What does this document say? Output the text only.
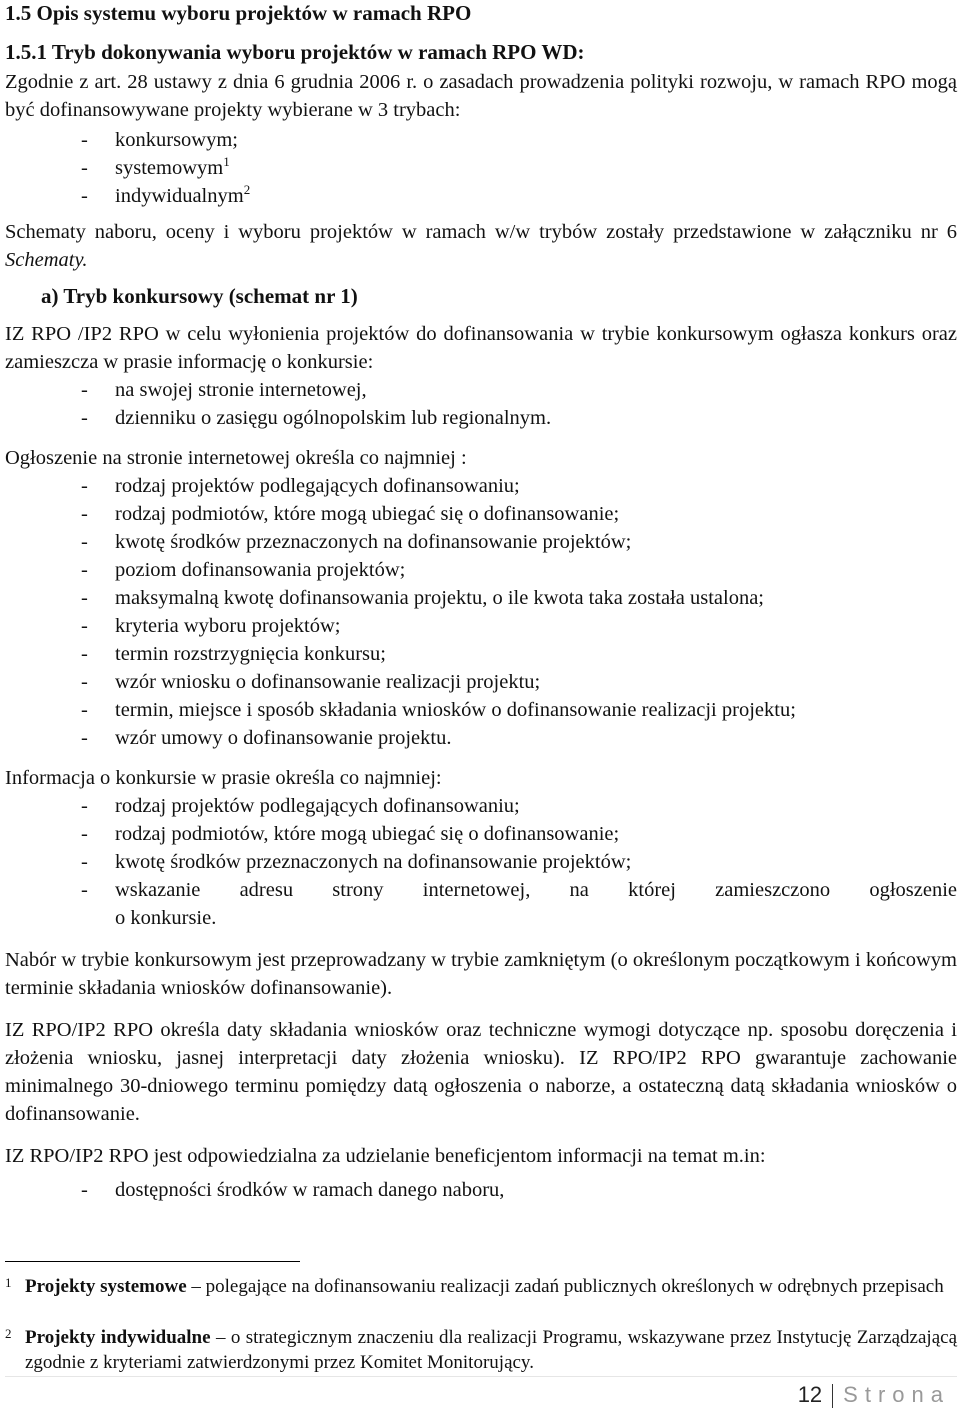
1.5 Opis systemu wyboru projektów w ramach RPO

1.5.1 Tryb dokonywania wyboru projektów w ramach RPO WD:

Zgodnie z art. 28 ustawy z dnia 6 grudnia 2006 r. o zasadach prowadzenia polityki rozwoju, w ramach RPO mogą być dofinansowywane projekty wybierane w 3 trybach:

- konkursowym;
- systemowym$^1$
- indywidualnym$^2$

Schematy naboru, oceny i wyboru projektów w ramach w/w trybów zostały przedstawione w załączniku nr 6 Schematy.

a) Tryb konkursowy (schemat nr 1)

IZ RPO /IP2 RPO w celu wyłonienia projektów do dofinansowania w trybie konkursowym ogłasza konkurs oraz zamieszcza w prasie informację o konkursie:

- na swojej stronie internetowej,
- dzienniku o zasięgu ogólnopolskim lub regionalnym.

Ogłoszenie na stronie internetowej określa co najmniej :

- rodzaj projektów podlegających dofinansowaniu;
- rodzaj podmiotów, które mogą ubiegać się o dofinansowanie;
- kwotę środków przeznaczonych na dofinansowanie projektów;
- poziom dofinansowania projektów;
- maksymalną kwotę dofinansowania projektu, o ile kwota taka została ustalona;
- kryteria wyboru projektów;
- termin rozstrzygnięcia konkursu;
- wzór wniosku o dofinansowanie realizacji projektu;
- termin, miejsce i sposób składania wniosków o dofinansowanie realizacji projektu;
- wzór umowy o dofinansowanie projektu.

Informacja o konkursie w prasie określa co najmniej:

- rodzaj projektów podlegających dofinansowaniu;
- rodzaj podmiotów, które mogą ubiegać się o dofinansowanie;
- kwotę środków przeznaczonych na dofinansowanie projektów;
- wskazanie adresu strony internetowej, na której zamieszczono ogłoszenie
o konkursie.

Nabór w trybie konkursowym jest przeprowadzany w trybie zamkniętym (o określonym początkowym i końcowym terminie składania wniosków dofinansowanie).

IZ RPO/IP2 RPO określa daty składania wniosków oraz techniczne wymogi dotyczące np. sposobu doręczenia i złożenia wniosku, jasnej interpretacji daty złożenia wniosku). IZ RPO/IP2 RPO gwarantuje zachowanie minimalnego 30-dniowego terminu pomiędzy datą ogłoszenia o naborze, a ostateczną datą składania wniosków o dofinansowanie.

IZ RPO/IP2 RPO jest odpowiedzialna za udzielanie beneficjentom informacji na temat m.in:

- dostępności środków w ramach danego naboru,
1 Projekty systemowe – polegające na dofinansowaniu realizacji zadań publicznych określonych w odrębnych przepisach
2 Projekty indywidualne – o strategicznym znaczeniu dla realizacji Programu, wskazywane przez Instytucję Zarządzającą zgodnie z kryteriami zatwierdzonymi przez Komitet Monitorujący.
12 Strona
